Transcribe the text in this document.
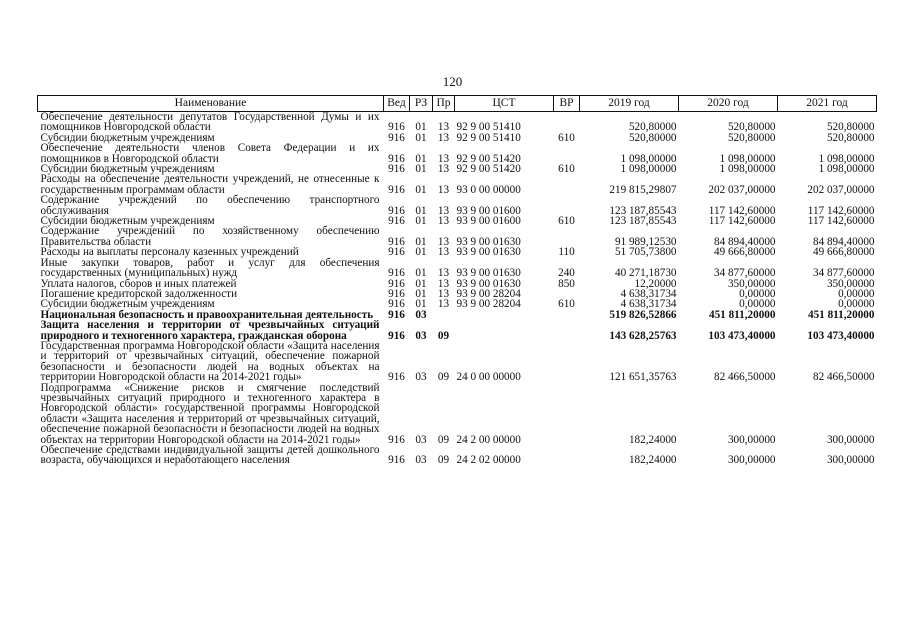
120
Наименование	Вед	РЗ	Пр	ЦСТ	ВР	2019 год	2020 год	2021 год
Обеспечение деятельности депутатов Государственной Думы и их помощников Новгородской области	916	01	13	92 9 00 51410		520,80000	520,80000	520,80000
Субсидии бюджетным учреждениям	916	01	13	92 9 00 51410	610	520,80000	520,80000	520,80000
Обеспечение деятельности членов Совета Федерации и их помощников в Новгородской области	916	01	13	92 9 00 51420		1 098,00000	1 098,00000	1 098,00000
Субсидии бюджетным учреждениям	916	01	13	92 9 00 51420	610	1 098,00000	1 098,00000	1 098,00000
Расходы на обеспечение деятельности учреждений, не отнесенные к государственным программам области	916	01	13	93 0 00 00000		219 815,29807	202 037,00000	202 037,00000
Содержание учреждений по обеспечению транспортного обслуживания	916	01	13	93 9 00 01600		123 187,85543	117 142,60000	117 142,60000
Субсидии бюджетным учреждениям	916	01	13	93 9 00 01600	610	123 187,85543	117 142,60000	117 142,60000
Содержание учреждений по хозяйственному обеспечению Правительства области	916	01	13	93 9 00 01630		91 989,12530	84 894,40000	84 894,40000
Расходы на выплаты персоналу казенных учреждений	916	01	13	93 9 00 01630	110	51 705,73800	49 666,80000	49 666,80000
Иные закупки товаров, работ и услуг для обеспечения государственных (муниципальных) нужд	916	01	13	93 9 00 01630	240	40 271,18730	34 877,60000	34 877,60000
Уплата налогов, сборов и иных платежей	916	01	13	93 9 00 01630	850	12,20000	350,00000	350,00000
Погашение кредиторской задолженности	916	01	13	93 9 00 28204		4 638,31734	0,00000	0,00000
Субсидии бюджетным учреждениям	916	01	13	93 9 00 28204	610	4 638,31734	0,00000	0,00000
Национальная безопасность и правоохранительная деятельность	916	03				519 826,52866	451 811,20000	451 811,20000
Защита населения и территории от чрезвычайных ситуаций природного и техногенного характера, гражданская оборона	916	03	09			143 628,25763	103 473,40000	103 473,40000
Государственная программа Новгородской области «Защита населения и территорий от чрезвычайных ситуаций, обеспечение пожарной безопасности и безопасности людей на водных объектах на территории Новгородской области на 2014-2021 годы»	916	03	09	24 0 00 00000		121 651,35763	82 466,50000	82 466,50000
Подпрограмма «Снижение рисков и смягчение последствий чрезвычайных ситуаций природного и техногенного характера в Новгородской области» государственной программы Новгородской области «Защита населения и территорий от чрезвычайных ситуаций, обеспечение пожарной безопасности и безопасности людей на водных объектах на территории Новгородской области на 2014-2021 годы»	916	03	09	24 2 00 00000		182,24000	300,00000	300,00000
Обеспечение средствами индивидуальной защиты детей дошкольного возраста, обучающихся и неработающего населения	916	03	09	24 2 02 00000		182,24000	300,00000	300,00000
